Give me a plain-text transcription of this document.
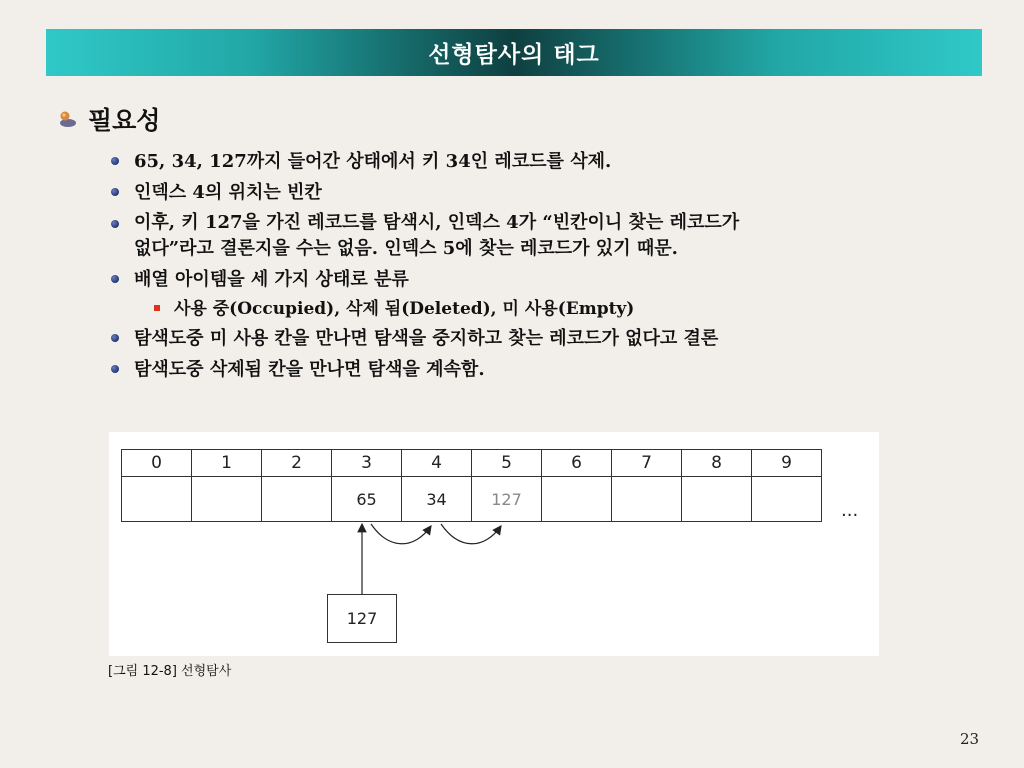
선형탐사의 태그
필요성
65, 34, 127까지 들어간 상태에서 키 34인 레코드를 삭제.
인덱스 4의 위치는 빈칸
이후, 키 127을 가진 레코드를 탐색시, 인덱스 4가 “빈칸이니 찾는 레코드가
없다”라고 결론지을 수는 없음. 인덱스 5에 찾는 레코드가 있기 때문.
배열 아이템을 세 가지 상태로 분류
사용 중(Occupied), 삭제 됨(Deleted), 미 사용(Empty)
탐색도중 미 사용 칸을 만나면 탐색을 중지하고 찾는 레코드가 없다고 결론
탐색도중 삭제됨 칸을 만나면 탐색을 계속함.
0	1	2	3	4	5	6	7	8	9
			65	34	127				
...
127
[그림 12-8] 선형탐사
23
